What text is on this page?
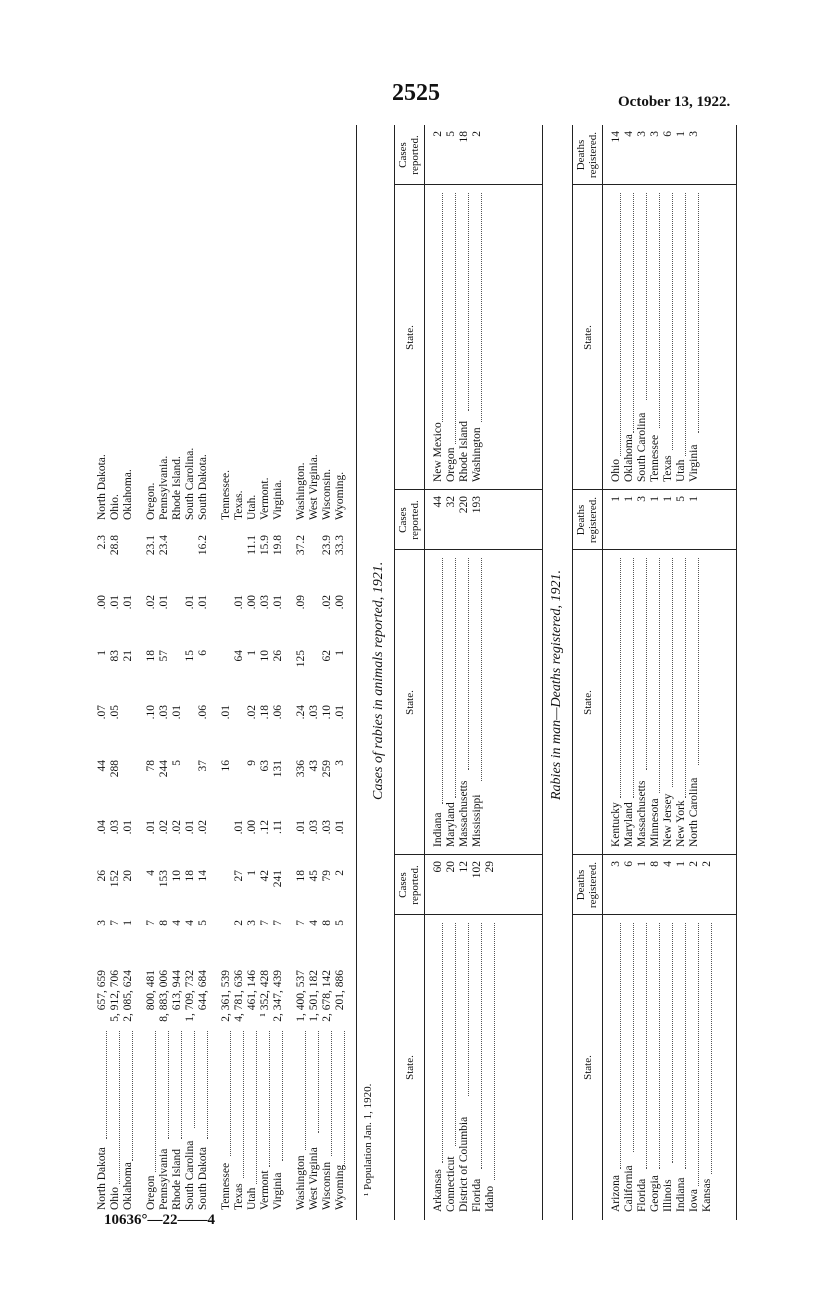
2525	October 13, 1922.
10636°—22——4
North Dakota
657, 659
3
26
.04
44
.07
1
.00
2.3
North Dakota.
Ohio
5, 912, 706
7
152
.03
288
.05
83
.01
28.8
Ohio.
Oklahoma
2, 085, 624
1
20
.01
21
.01
Oklahoma.
Oregon
800, 481
7
4
.01
78
.10
18
.02
23.1
Oregon.
Pennsylvania
8, 883, 006
8
153
.02
244
.03
57
.01
23.4
Pennsylvania.
Rhode Island
613, 944
4
10
.02
5
.01
Rhode Island.
South Carolina
1, 709, 732
4
18
.01
15
.01
South Carolina.
South Dakota
644, 684
5
14
.02
37
.06
6
.01
16.2
South Dakota.
Tennessee
2, 361, 539
16
.01
Tennessee.
Texas
4, 781, 636
2
27
.01
64
.01
Texas.
Utah
461, 146
3
1
.00
9
.02
1
.00
11.1
Utah.
Vermont
¹ 352, 428
7
42
.12
63
.18
10
.03
15.9
Vermont.
Virginia
2, 347, 439
7
241
.11
131
.06
26
.01
19.8
Virginia.
Washington
1, 400, 537
7
18
.01
336
.24
125
.09
37.2
Washington.
West Virginia
1, 501, 182
4
45
.03
43
.03
West Virginia.
Wisconsin
2, 678, 142
8
79
.03
259
.10
62
.02
23.9
Wisconsin.
Wyoming
201, 886
5
2
.01
3
.01
1
.00
33.3
Wyoming.
¹ Population Jan. 1, 1920.
Cases of rabies in animals reported, 1921.
State.
Cases reported.
Arkansas
60
Connecticut
20
District of Columbia
12
Florida
102
Idaho
29
State.
Cases reported.
Indiana
44
Maryland
32
Massachusetts
220
Mississippi
193
State.
Cases reported.
New Mexico
2
Oregon
5
Rhode Island
18
Washington
2
Rabies in man—Deaths registered, 1921.
State.
Deaths registered.
Arizona
3
California
6
Florida
1
Georgia
8
Illinois
4
Indiana
1
Iowa
2
Kansas
2
State.
Deaths registered.
Kentucky
1
Maryland
1
Massachusetts
3
Minnesota
1
New Jersey
1
New York
5
North Carolina
1
State.
Deaths registered.
Ohio
14
Oklahoma
4
South Carolina
3
Tennessee
3
Texas
6
Utah
1
Virginia
3
